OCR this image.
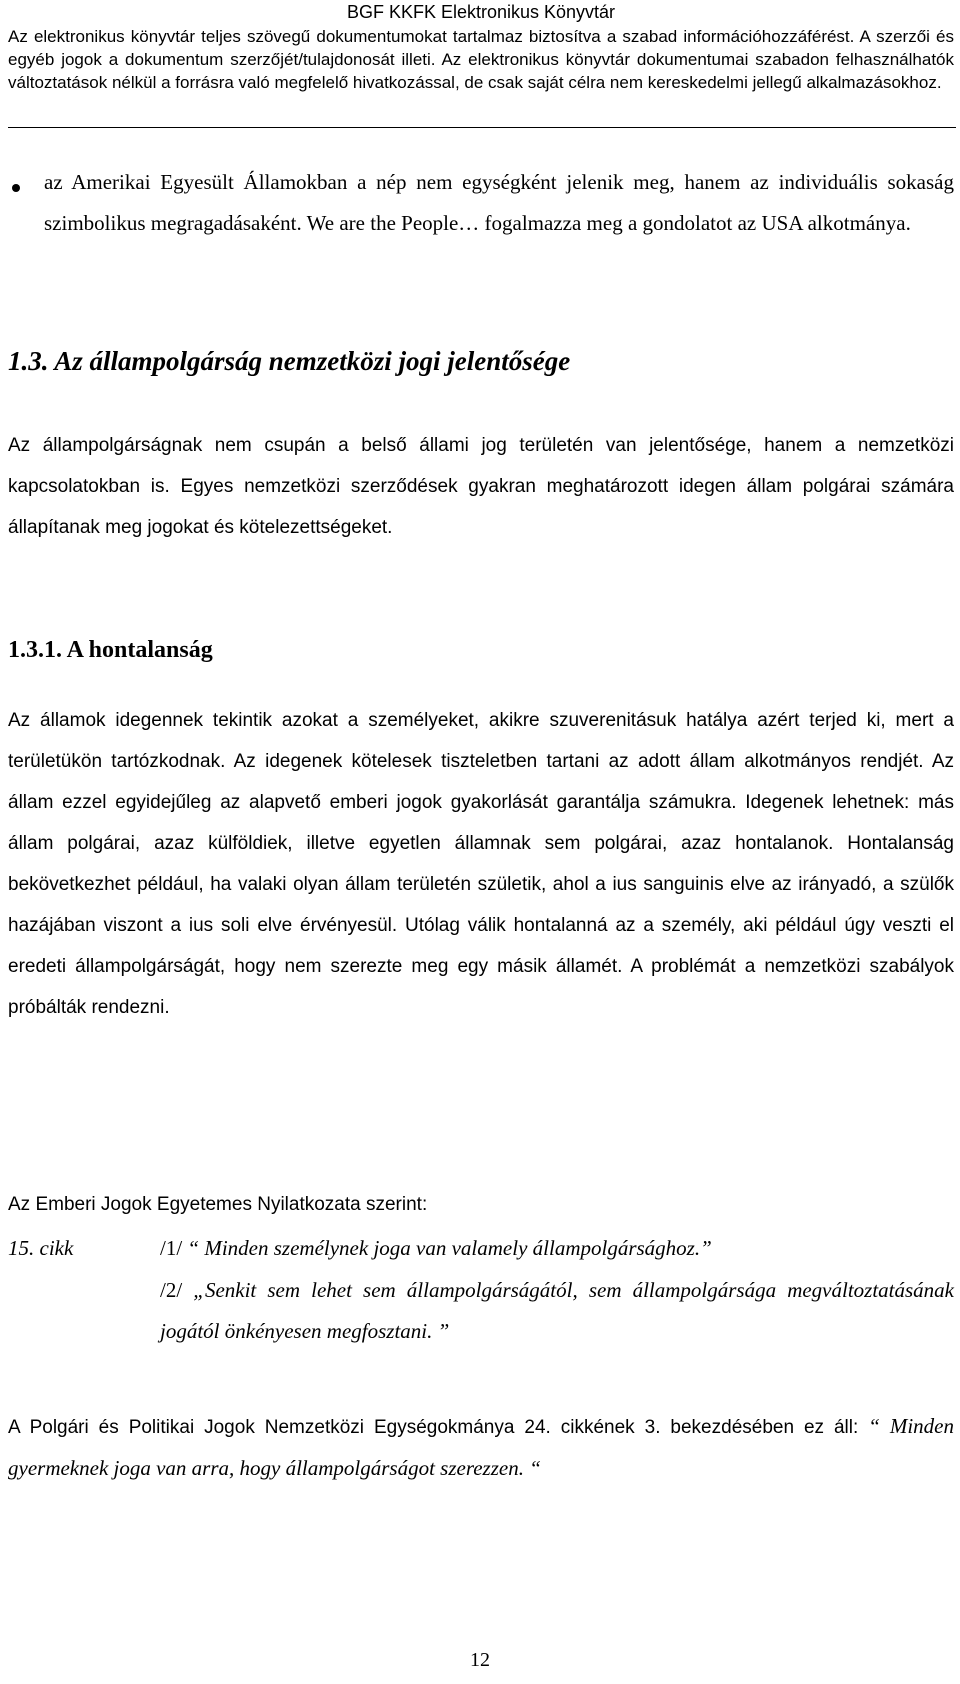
BGF KKFK Elektronikus Könyvtár
Az elektronikus könyvtár teljes szövegű dokumentumokat tartalmaz biztosítva a szabad információhozzáférést. A szerzői és egyéb jogok a dokumentum szerzőjét/tulajdonosát illeti. Az elektronikus könyvtár dokumentumai szabadon felhasználhatók változtatások nélkül a forrásra való megfelelő hivatkozással, de csak saját célra nem kereskedelmi jellegű alkalmazásokhoz.
az Amerikai Egyesült Államokban a nép nem egységként jelenik meg, hanem az individuális sokaság szimbolikus megragadásaként. We are the People… fogalmazza meg a gondolatot az USA alkotmánya.
1.3. Az állampolgárság nemzetközi jogi jelentősége
Az állampolgárságnak nem csupán a belső állami jog területén van jelentősége, hanem a nemzetközi kapcsolatokban is. Egyes nemzetközi szerződések gyakran meghatározott idegen állam polgárai számára állapítanak meg jogokat és kötelezettségeket.
1.3.1. A hontalanság
Az államok idegennek tekintik azokat a személyeket, akikre szuverenitásuk hatálya azért terjed ki, mert a területükön tartózkodnak. Az idegenek kötelesek tiszteletben tartani az adott állam alkotmányos rendjét. Az állam ezzel egyidejűleg az alapvető emberi jogok gyakorlását garantálja számukra. Idegenek lehetnek: más állam polgárai, azaz külföldiek, illetve egyetlen államnak sem polgárai, azaz hontalanok. Hontalanság bekövetkezhet például, ha valaki olyan állam területén születik, ahol a ius sanguinis elve az irányadó, a szülők hazájában viszont a ius soli elve érvényesül. Utólag válik hontalanná az a személy, aki például úgy veszti el eredeti állampolgárságát, hogy nem szerezte meg egy másik államét. A problémát a nemzetközi szabályok próbálták rendezni.
Az Emberi Jogok Egyetemes Nyilatkozata szerint:
15. cikk	/1/ “ Minden személynek joga van valamely állampolgársághoz.”
/2/ „Senkit sem lehet sem állampolgárságától, sem állampolgársága megváltoztatásának jogától önkényesen megfosztani. ”
A Polgári és Politikai Jogok Nemzetközi Egységokmánya 24. cikkének 3. bekezdésében ez áll: “ Minden gyermeknek joga van arra, hogy állampolgárságot szerezzen. “
12
